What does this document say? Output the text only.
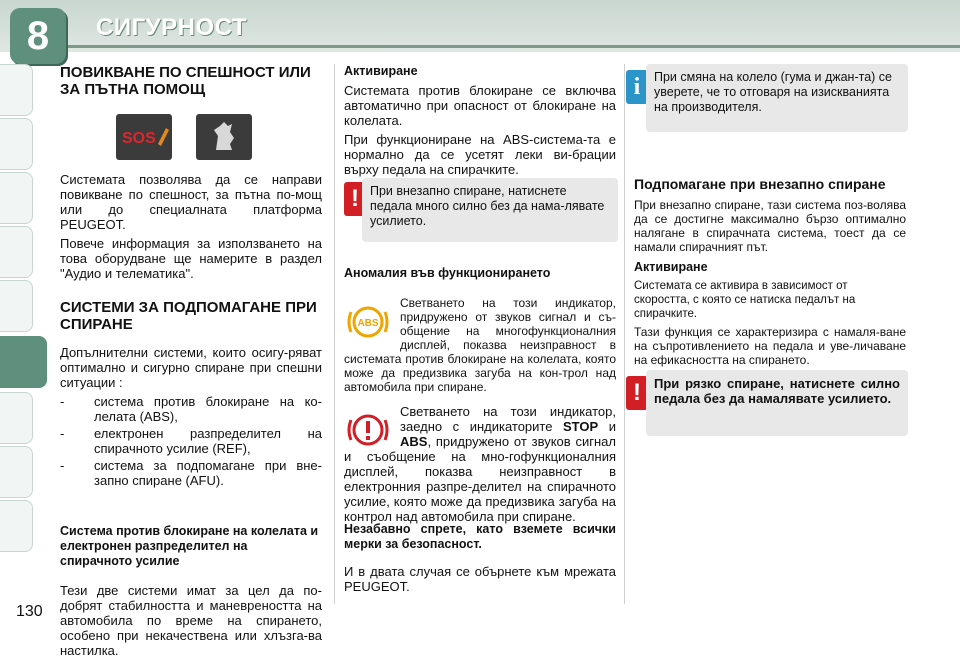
8	СИГУРНОСТ
130
ПОВИКВАНЕ ПО СПЕШНОСТ ИЛИ ЗА ПЪТНА ПОМОЩ
SOS

Системата позволява да се направи повикване по спешност, за пътна по-мощ или до специалната платформа PEUGEOT.

Повече информация за използването на това оборудване ще намерите в раздел "Аудио и телематика".

СИСТЕМИ ЗА ПОДПОМАГАНЕ ПРИ СПИРАНЕ

Допълнителни системи, които осигу-ряват оптимално и сигурно спиране при спешни ситуации :

- система против блокиране на ко-лелата (ABS),
- електронен разпределител на спирачното усилие (REF),
- система за подпомагане при вне-запно спиране (AFU).
Система против блокиране на колелата и електронен разпределител на спирачното усилие

Тези две системи имат за цел да по-добрят стабилността и маневреността на автомобила по време на спирането, особено при некачествена или хлъзга-ва настилка.

Активиране

Системата против блокиране се включва автоматично при опасност от блокиране на колелата.

При функциониране на ABS-система-та е нормално да се усетят леки ви-брации върху педала на спирачките.

! При внезапно спиране, натиснете педала много силно без да нама-лявате усилието.
Аномалия във функционирането
ABS
Светването на този индикатор, придружено от звуков сигнал и съ-общение на многофункционалния дисплей, показва неизправност в системата против блокиране на колелата, която може да предизвика загуба на кон-трол над автомобила при спиране.
Светването на този индикатор, заедно с индикаторите STOP и ABS, придружено от звуков сигнал и съобщение на мно-гофункционалния дисплей, показва неизправност в електронния разпре-делител на спирачното усилие, която може да предизвика загуба на контрол над автомобила при спиране.
Незабавно спрете, като вземете всички мерки за безопасност.
И в двата случая се обърнете към мрежата PEUGEOT.
i	При смяна на колело (гума и джан-та) се уверете, че то отговаря на изискванията на производителя.
Подпомагане при внезапно спиране

При внезапно спиране, тази система поз-волява да се достигне максимално бързо оптимално налягане в спирачната система, тоест да се намали спирачният път.

Активиране

Системата се активира в зависимост от скоростта, с която се натиска педалът на спирачките.

Тази функция се характеризира с намаля-ване на съпротивлението на педала и уве-личаване на ефикасността на спирането.

!	При рязко спиране, натиснете силно педала без да намалявате усилието.
